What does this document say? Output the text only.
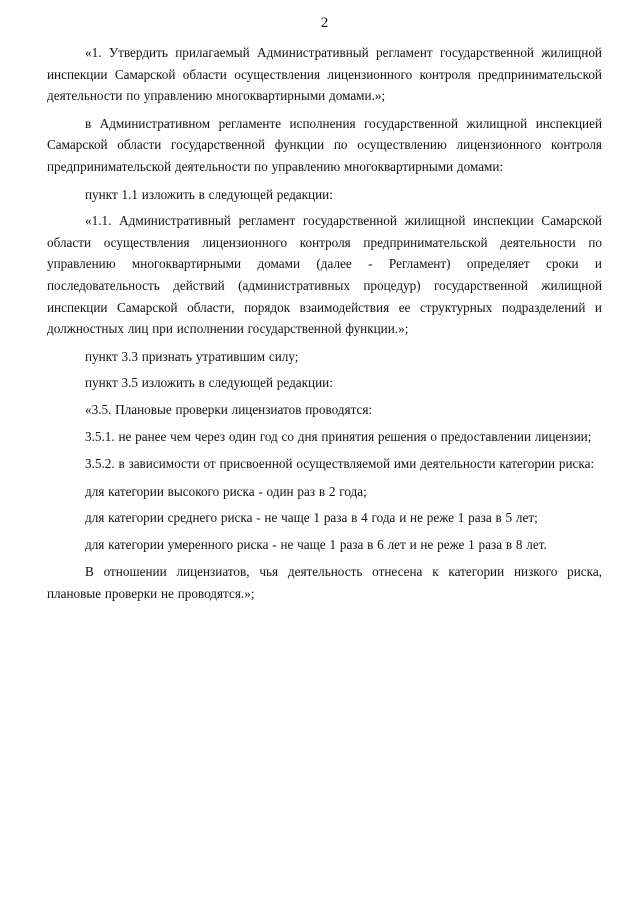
2

«1. Утвердить прилагаемый Административный регламент государственной жилищной инспекции Самарской области осуществления лицензионного контроля предпринимательской деятельности по управлению многоквартирными домами.»;

в Административном регламенте исполнения государственной жилищной инспекцией Самарской области государственной функции по осуществлению лицензионного контроля предпринимательской деятельности по управлению многоквартирными домами:

пункт 1.1 изложить в следующей редакции:

«1.1. Административный регламент государственной жилищной инспекции Самарской области осуществления лицензионного контроля предпринимательской деятельности по управлению многоквартирными домами (далее - Регламент) определяет сроки и последовательность действий (административных процедур) государственной жилищной инспекции Самарской области, порядок взаимодействия ее структурных подразделений и должностных лиц при исполнении государственной функции.»;

пункт 3.3 признать утратившим силу;

пункт 3.5 изложить в следующей редакции:

«3.5. Плановые проверки лицензиатов проводятся:

3.5.1. не ранее чем через один год со дня принятия решения о предоставлении лицензии;

3.5.2. в зависимости от присвоенной осуществляемой ими деятельности категории риска:

для категории высокого риска - один раз в 2 года;

для категории среднего риска - не чаще 1 раза в 4 года и не реже 1 раза в 5 лет;

для категории умеренного риска - не чаще 1 раза в 6 лет и не реже 1 раза в 8 лет.

В отношении лицензиатов, чья деятельность отнесена к категории низкого риска, плановые проверки не проводятся.»;
